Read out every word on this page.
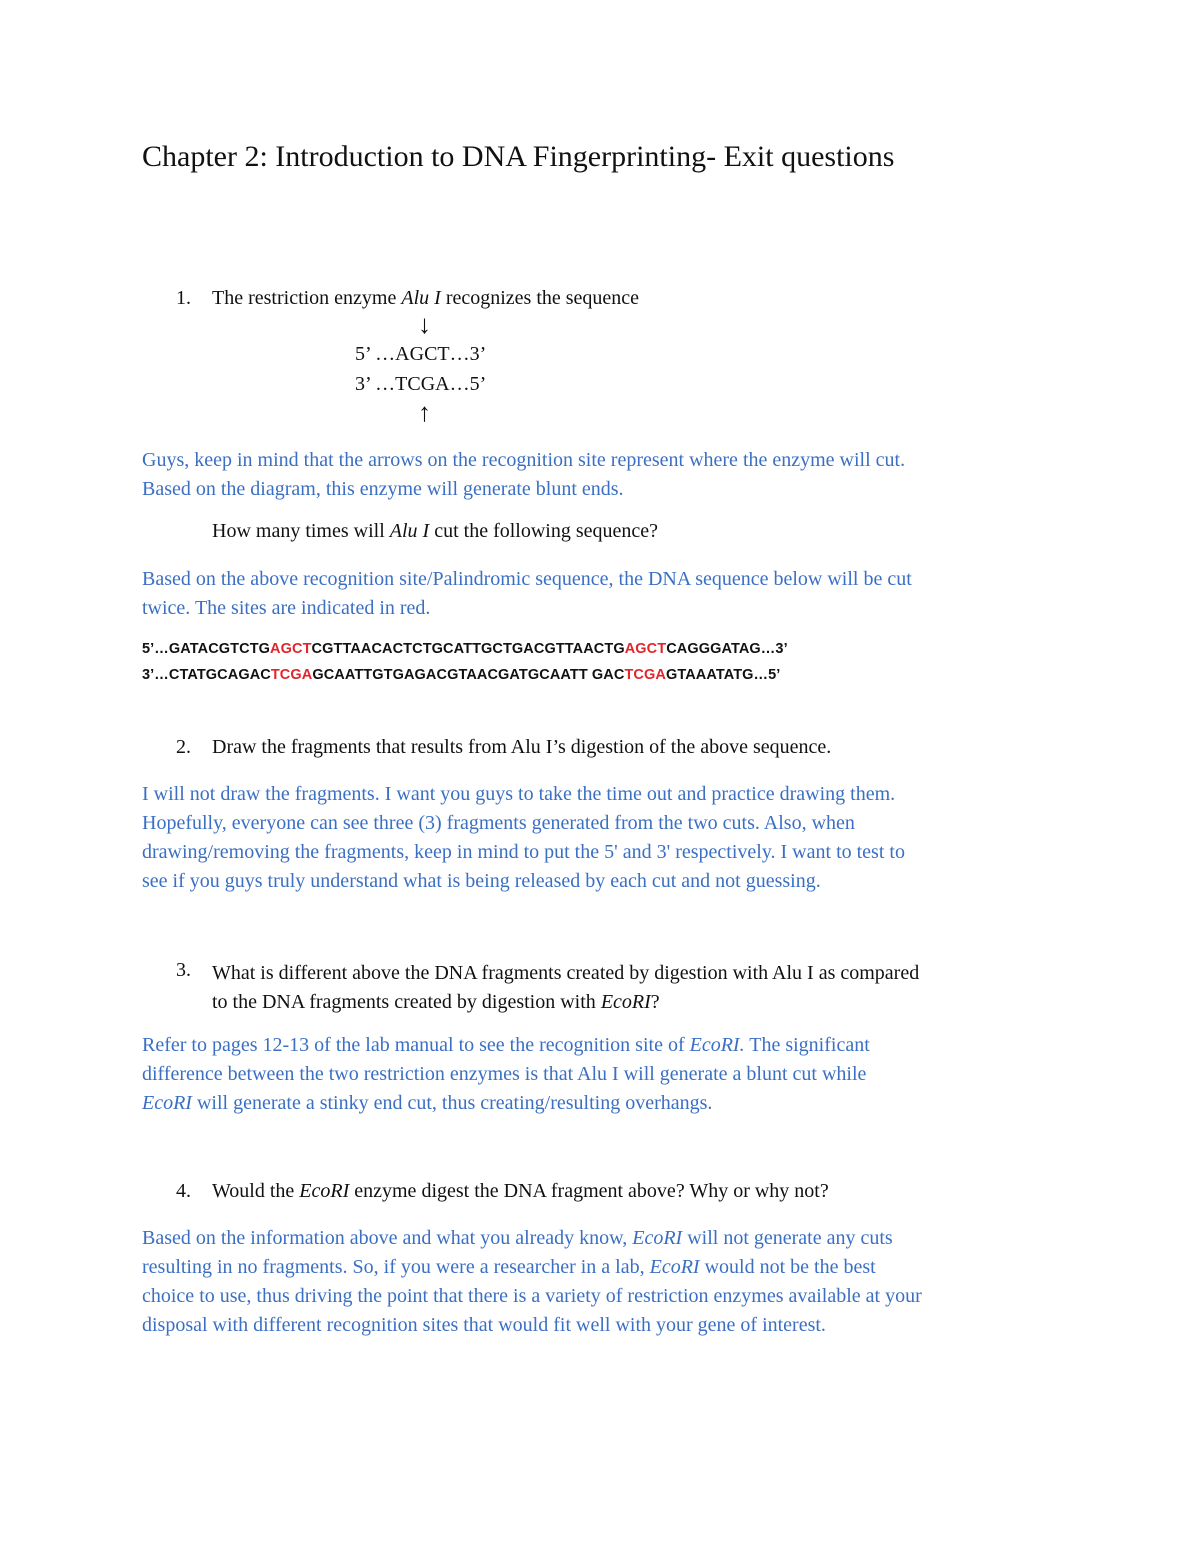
Chapter 2: Introduction to DNA Fingerprinting- Exit questions
1. The restriction enzyme Alu I recognizes the sequence
↓
5’ …AGCT…3’
3’ …TCGA…5’
↑
Guys, keep in mind that the arrows on the recognition site represent where the enzyme will cut.
Based on the diagram, this enzyme will generate blunt ends.
How many times will Alu I cut the following sequence?
Based on the above recognition site/Palindromic sequence, the DNA sequence below will be cut
twice. The sites are indicated in red.
5’…GATACGTCTGAGCTCGTTAACACTCTGCATTGCTGACGTTAACTGAGCTCAGGGATAG…3’
3’…CTATGCAGACTCGAGCAATTGTGAGACGTAACGATGCAATT GACTCGAGTAAATATG…5’
2. Draw the fragments that results from Alu I’s digestion of the above sequence.
I will not draw the fragments. I want you guys to take the time out and practice drawing them.
Hopefully, everyone can see three (3) fragments generated from the two cuts. Also, when
drawing/removing the fragments, keep in mind to put the 5' and 3' respectively. I want to test to
see if you guys truly understand what is being released by each cut and not guessing.
3. What is different above the DNA fragments created by digestion with Alu I as compared
to the DNA fragments created by digestion with EcoRI?
Refer to pages 12-13 of the lab manual to see the recognition site of EcoRI. The significant
difference between the two restriction enzymes is that Alu I will generate a blunt cut while
EcoRI will generate a stinky end cut, thus creating/resulting overhangs.
4. Would the EcoRI enzyme digest the DNA fragment above? Why or why not?
Based on the information above and what you already know, EcoRI will not generate any cuts
resulting in no fragments. So, if you were a researcher in a lab, EcoRI would not be the best
choice to use, thus driving the point that there is a variety of restriction enzymes available at your
disposal with different recognition sites that would fit well with your gene of interest.
